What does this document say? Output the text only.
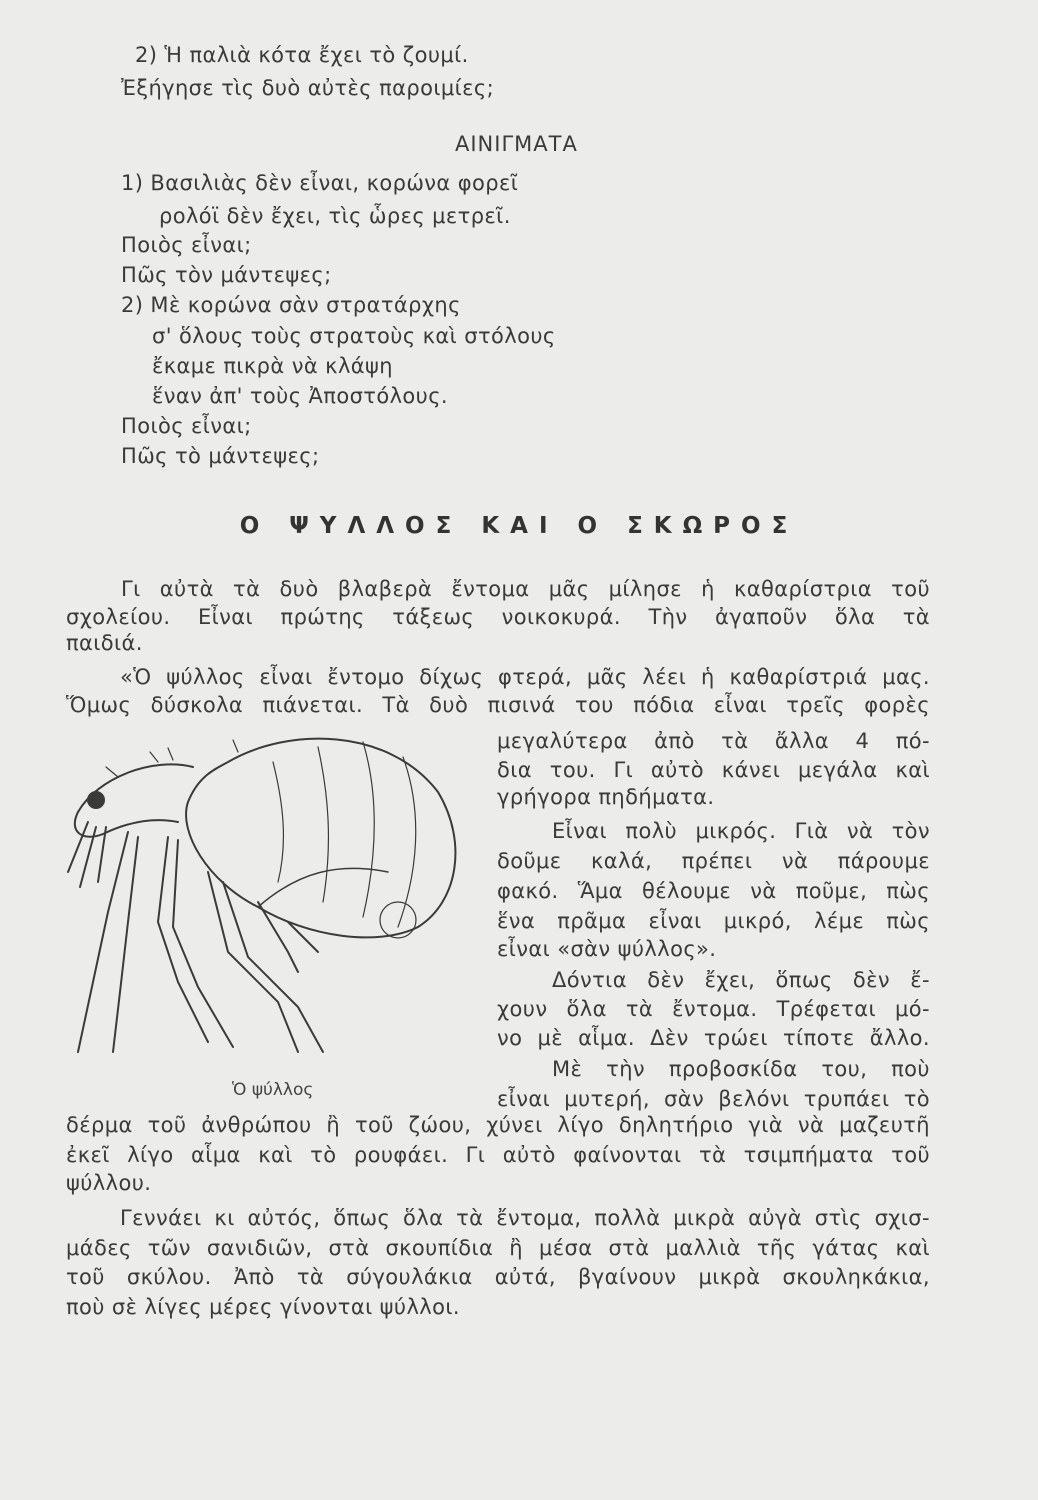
2) Ἡ παλιὰ κότα ἔχει τὸ ζουμί.
Ἐξήγησε τὶς δυὸ αὐτὲς παροιμίες;
ΑΙΝΙΓΜΑΤΑ
1) Βασιλιὰς δὲν εἶναι, κορώνα φορεῖ
ρολόϊ δὲν ἔχει, τὶς ὧρες μετρεῖ.
Ποιὸς εἶναι;
Πῶς τὸν μάντεψες;
2) Μὲ κορώνα σὰν στρατάρχης
σ' ὅλους τοὺς στρατοὺς καὶ στόλους
ἔκαμε πικρὰ νὰ κλάψη
ἕναν ἀπ' τοὺς Ἀποστόλους.
Ποιὸς εἶναι;
Πῶς τὸ μάντεψες;
Ο ΨΥΛΛΟΣ ΚΑΙ Ο ΣΚΩΡΟΣ
Γι αὐτὰ τὰ δυὸ βλαβερὰ ἔντομα μᾶς μίλησε ἡ καθαρίστρια τοῦ
σχολείου. Εἶναι πρώτης τάξεως νοικοκυρά. Τὴν ἀγαποῦν ὅλα τὰ
παιδιά.
«Ὁ ψύλλος εἶναι ἔντομο δίχως φτερά, μᾶς λέει ἡ καθαρίστριά μας.
Ὅμως δύσκολα πιάνεται. Τὰ δυὸ πισινά του πόδια εἶναι τρεῖς φορὲς
μεγαλύτερα ἀπὸ τὰ ἄλλα 4 πό-
δια του. Γι αὐτὸ κάνει μεγάλα καὶ
γρήγορα πηδήματα.
Εἶναι πολὺ μικρός. Γιὰ νὰ τὸν
δοῦμε καλά, πρέπει νὰ πάρουμε
φακό. Ἅμα θέλουμε νὰ ποῦμε, πὼς
ἕνα πρᾶμα εἶναι μικρό, λέμε πὼς
εἶναι «σὰν ψύλλος».
Δόντια δὲν ἔχει, ὅπως δὲν ἔ-
χουν ὅλα τὰ ἔντομα. Τρέφεται μό-
νο μὲ αἷμα. Δὲν τρώει τίποτε ἄλλο.
Μὲ τὴν προβοσκίδα του, ποὺ
εἶναι μυτερή, σὰν βελόνι τρυπάει τὸ
Ὁ ψύλλος
δέρμα τοῦ ἀνθρώπου ἢ τοῦ ζώου, χύνει λίγο δηλητήριο γιὰ νὰ μαζευτῆ
ἐκεῖ λίγο αἷμα καὶ τὸ ρουφάει. Γι αὐτὸ φαίνονται τὰ τσιμπήματα τοῦ
ψύλλου.
Γεννάει κι αὐτός, ὅπως ὅλα τὰ ἔντομα, πολλὰ μικρὰ αὐγὰ στὶς σχισ-
μάδες τῶν σανιδιῶν, στὰ σκουπίδια ἢ μέσα στὰ μαλλιὰ τῆς γάτας καὶ
τοῦ σκύλου. Ἀπὸ τὰ σύγουλάκια αὐτά, βγαίνουν μικρὰ σκουληκάκια,
ποὺ σὲ λίγες μέρες γίνονται ψύλλοι.
